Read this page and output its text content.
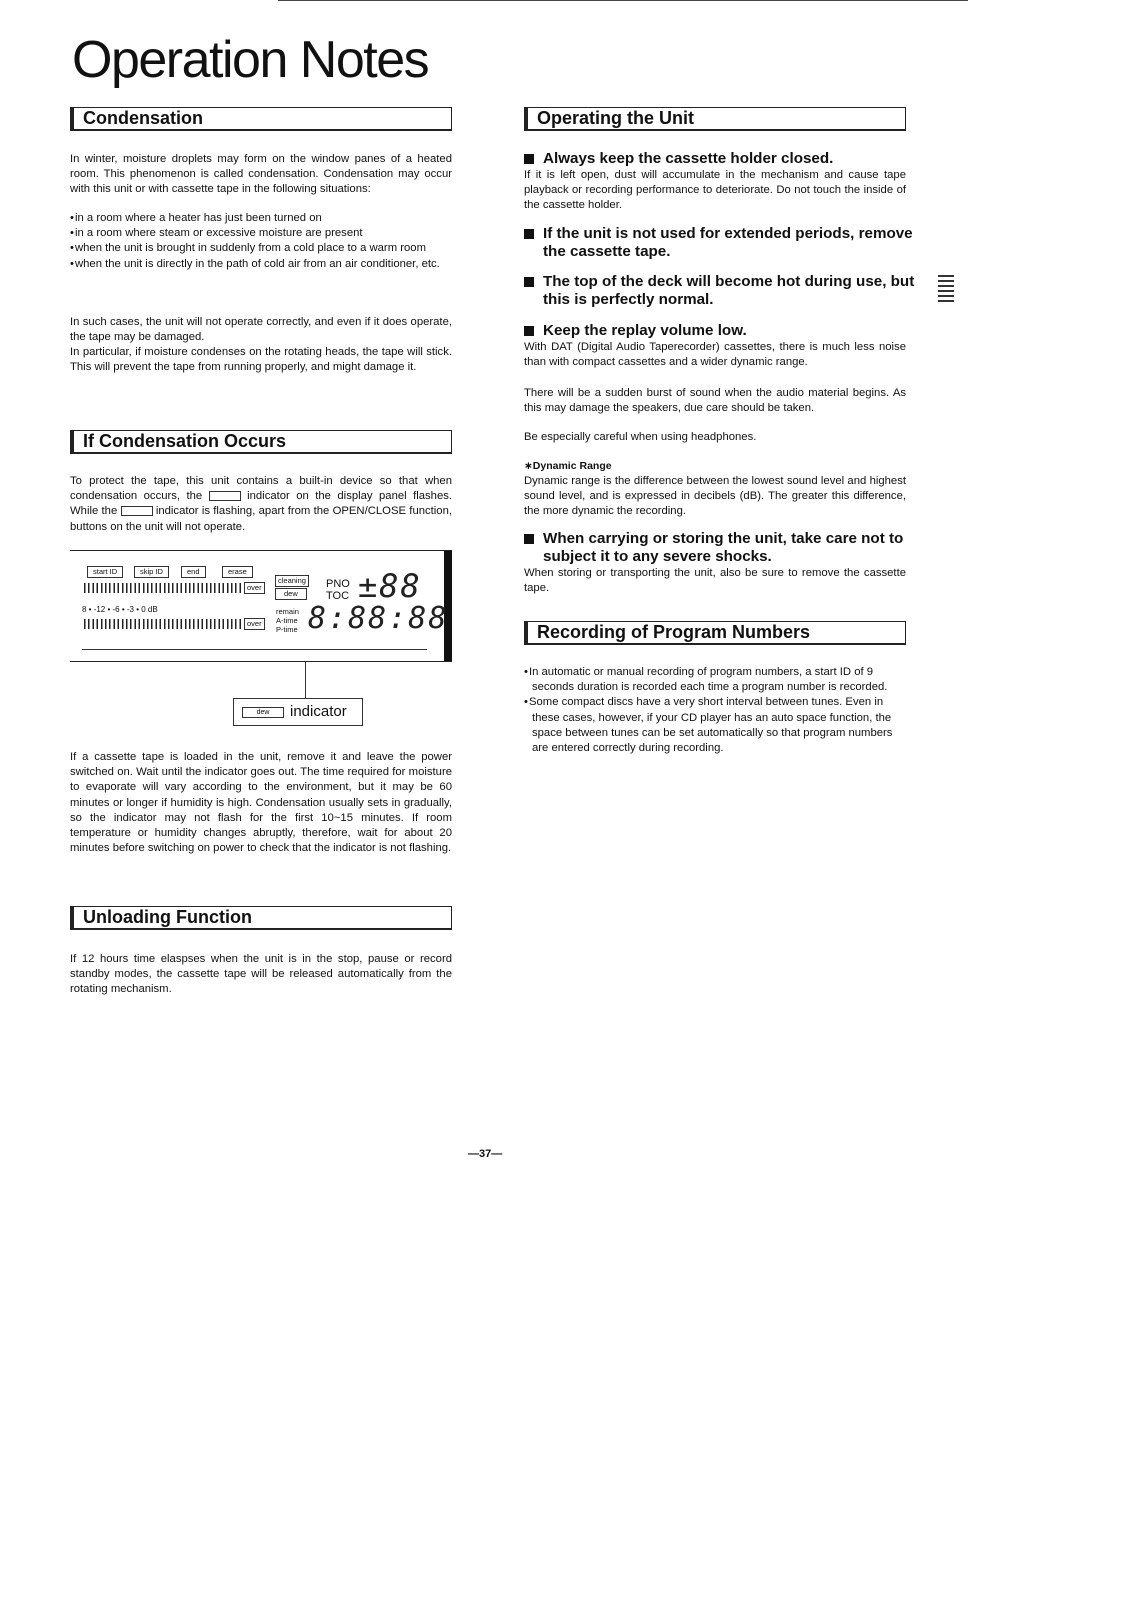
Operation Notes
Condensation

In winter, moisture droplets may form on the window panes of a heated room. This phenomenon is called condensation. Condensation may occur with this unit or with cassette tape in the following situations:

• in a room where a heater has just been turned on
• in a room where steam or excessive moisture are present
• when the unit is brought in suddenly from a cold place to a warm room
• when the unit is directly in the path of cold air from an air conditioner, etc.

In such cases, the unit will not operate correctly, and even if it does operate, the tape may be damaged.

In particular, if moisture condenses on the rotating heads, the tape will stick. This will prevent the tape from running properly, and might damage it.

If Condensation Occurs

To protect the tape, this unit contains a built-in device so that when condensation occurs, the	indicator on the display panel flashes. While the	indicator is flashing, apart from the OPEN/CLOSE function, buttons on the unit will not operate.

start ID	skip ID	end	erase
over
cleaning
dew
PNO
TOC ±88
8 • -12 • -6 • -3 • 0 dB
over
remain
A-time
P-time 8:88:88
dew	indicator

If a cassette tape is loaded in the unit, remove it and leave the power switched on. Wait until the indicator goes out. The time required for moisture to evaporate will vary according to the environment, but it may be 60 minutes or longer if humidity is high. Condensation usually sets in gradually, so the indicator may not flash for the first 10~15 minutes. If room temperature or humidity changes abruptly, therefore, wait for about 20 minutes before switching on power to check that the indicator is not flashing.

Unloading Function

If 12 hours time elaspses when the unit is in the stop, pause or record standby modes, the cassette tape will be released automatically from the rotating mechanism.

Operating the Unit
Always keep the cassette holder closed.

If it is left open, dust will accumulate in the mechanism and cause tape playback or recording performance to deteriorate. Do not touch the inside of the cassette holder.

If the unit is not used for extended periods, remove the cassette tape.
The top of the deck will become hot during use, but this is perfectly normal.
Keep the replay volume low.

With DAT (Digital Audio Taperecorder) cassettes, there is much less noise than with compact cassettes and a wider dynamic range.

There will be a sudden burst of sound when the audio material begins. As this may damage the speakers, due care should be taken.

Be especially careful when using headphones.

∗Dynamic Range

Dynamic range is the difference between the lowest sound level and highest sound level, and is expressed in decibels (dB). The greater this difference, the more dynamic the recording.

When carrying or storing the unit, take care not to subject it to any severe shocks.

When storing or transporting the unit, also be sure to remove the cassette tape.

Recording of Program Numbers
• In automatic or manual recording of program numbers, a start ID of 9 seconds duration is recorded each time a program number is recorded.
• Some compact discs have a very short interval between tunes. Even in these cases, however, if your CD player has an auto space function, the space between tunes can be set automatically so that program numbers are entered correctly during recording.
—37—
